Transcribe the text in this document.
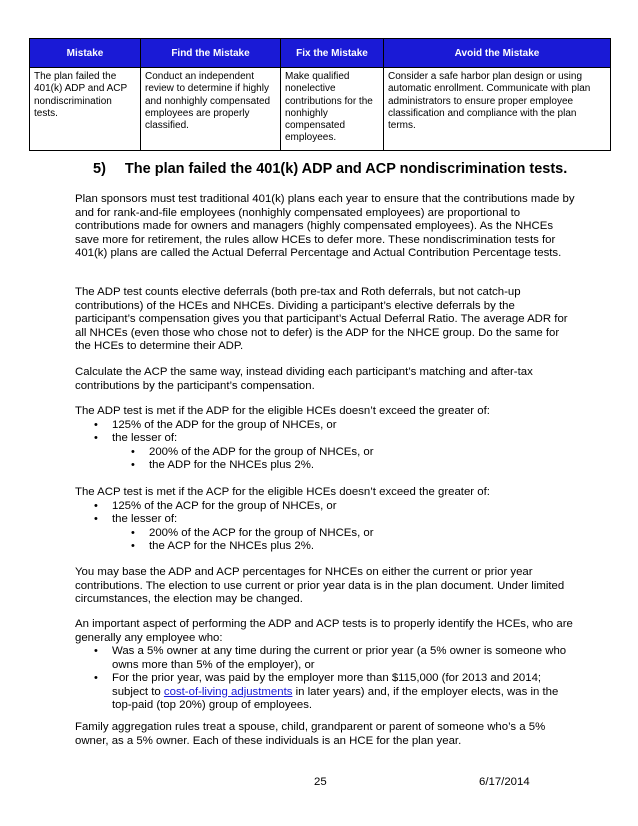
Mistake	Find the Mistake	Fix the Mistake	Avoid the Mistake
The plan failed the 401(k) ADP and ACP nondiscrimination tests.	Conduct an independent review to determine if highly and nonhighly compensated employees are properly classified.	Make qualified nonelective contributions for the nonhighly compensated employees.	Consider a safe harbor plan design or using automatic enrollment. Communicate with plan administrators to ensure proper employee classification and compliance with the plan terms.
5) The plan failed the 401(k) ADP and ACP nondiscrimination tests.

Plan sponsors must test traditional 401(k) plans each year to ensure that the contributions made by and for rank-and-file employees (nonhighly compensated employees) are proportional to contributions made for owners and managers (highly compensated employees). As the NHCEs save more for retirement, the rules allow HCEs to defer more. These nondiscrimination tests for 401(k) plans are called the Actual Deferral Percentage and Actual Contribution Percentage tests.

The ADP test counts elective deferrals (both pre-tax and Roth deferrals, but not catch-up contributions) of the HCEs and NHCEs. Dividing a participant’s elective deferrals by the participant’s compensation gives you that participant’s Actual Deferral Ratio. The average ADR for all NHCEs (even those who chose not to defer) is the ADP for the NHCE group. Do the same for the HCEs to determine their ADP.

Calculate the ACP the same way, instead dividing each participant’s matching and after-tax contributions by the participant’s compensation.

The ADP test is met if the ADP for the eligible HCEs doesn’t exceed the greater of:

• 125% of the ADP for the group of NHCEs, or
• the lesser of:
• 200% of the ADP for the group of NHCEs, or
• the ADP for the NHCEs plus 2%.

The ACP test is met if the ACP for the eligible HCEs doesn’t exceed the greater of:

• 125% of the ACP for the group of NHCEs, or
• the lesser of:
• 200% of the ACP for the group of NHCEs, or
• the ACP for the NHCEs plus 2%.

You may base the ADP and ACP percentages for NHCEs on either the current or prior year contributions. The election to use current or prior year data is in the plan document. Under limited circumstances, the election may be changed.

An important aspect of performing the ADP and ACP tests is to properly identify the HCEs, who are generally any employee who:

• Was a 5% owner at any time during the current or prior year (a 5% owner is someone who owns more than 5% of the employer), or
• For the prior year, was paid by the employer more than $115,000 (for 2013 and 2014; subject to cost-of-living adjustments in later years) and, if the employer elects, was in the top-paid (top 20%) group of employees.

Family aggregation rules treat a spouse, child, grandparent or parent of someone who’s a 5% owner, as a 5% owner. Each of these individuals is an HCE for the plan year.

25	6/17/2014
